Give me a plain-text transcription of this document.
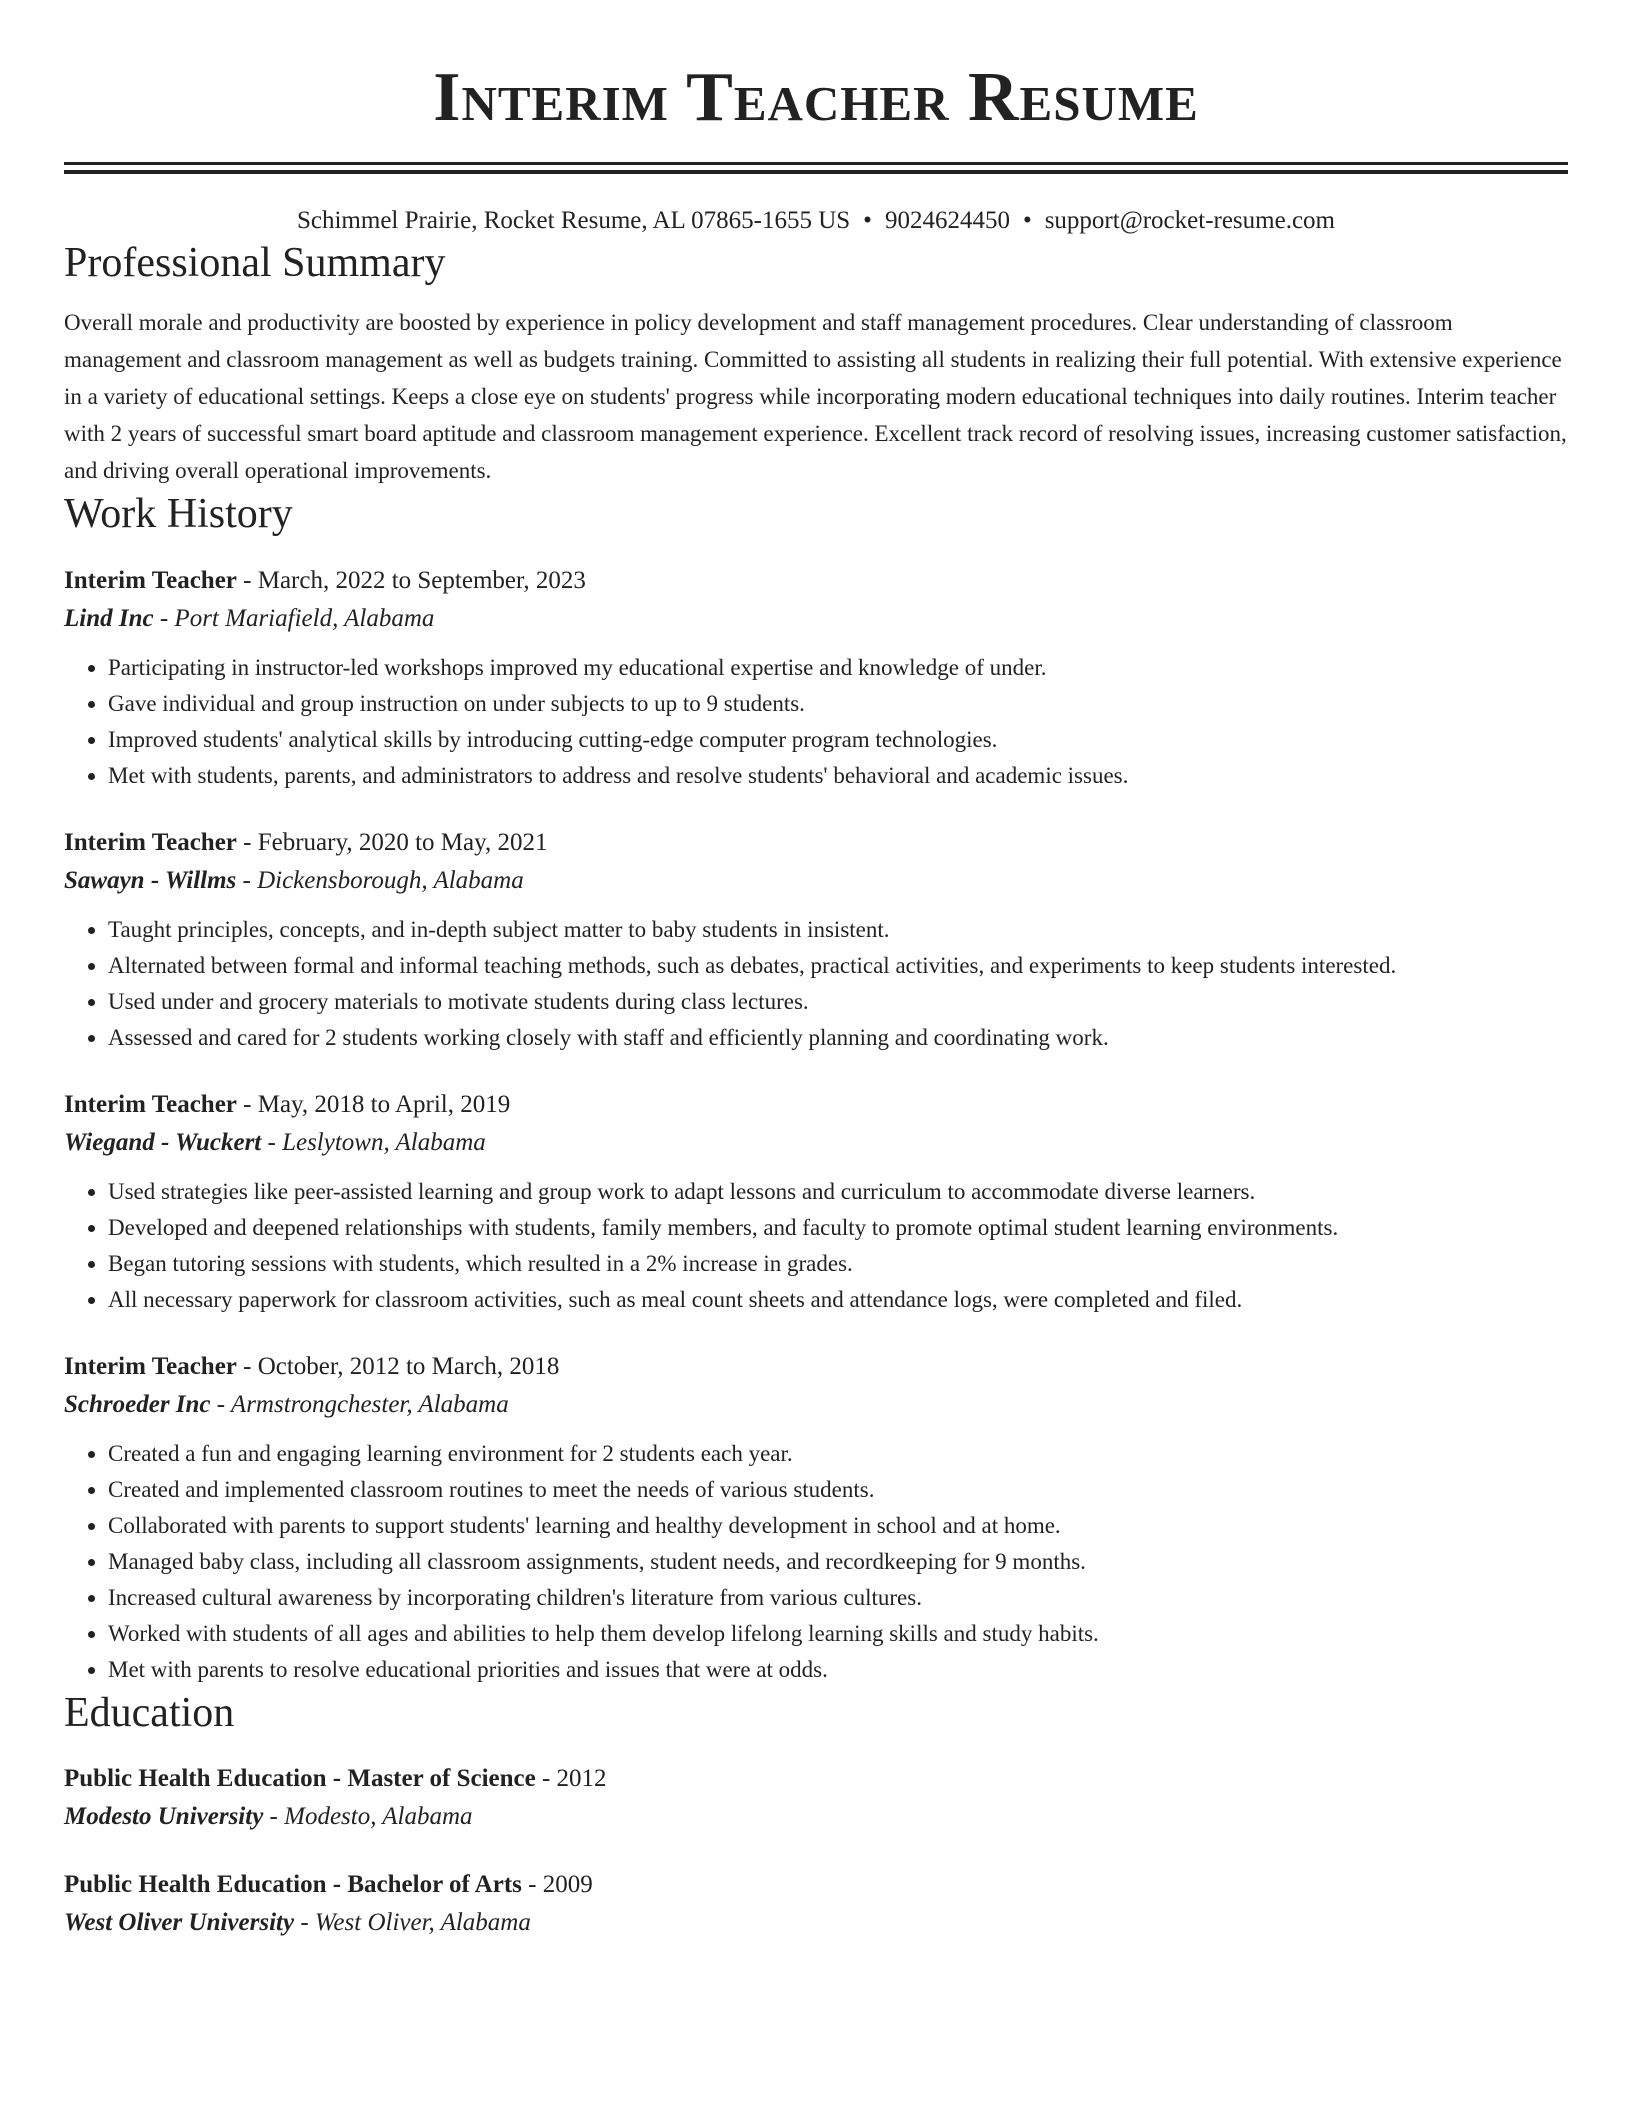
Interim Teacher Resume
Schimmel Prairie, Rocket Resume, AL 07865-1655 US • 9024624450 • support@rocket-resume.com
Professional Summary

Overall morale and productivity are boosted by experience in policy development and staff management procedures. Clear understanding of classroom management and classroom management as well as budgets training. Committed to assisting all students in realizing their full potential. With extensive experience in a variety of educational settings. Keeps a close eye on students' progress while incorporating modern educational techniques into daily routines. Interim teacher with 2 years of successful smart board aptitude and classroom management experience. Excellent track record of resolving issues, increasing customer satisfaction, and driving overall operational improvements.

Work History
Interim Teacher - March, 2022 to September, 2023
Lind Inc - Port Mariafield, Alabama
• Participating in instructor-led workshops improved my educational expertise and knowledge of under.
• Gave individual and group instruction on under subjects to up to 9 students.
• Improved students' analytical skills by introducing cutting-edge computer program technologies.
• Met with students, parents, and administrators to address and resolve students' behavioral and academic issues.
Interim Teacher - February, 2020 to May, 2021
Sawayn - Willms - Dickensborough, Alabama
• Taught principles, concepts, and in-depth subject matter to baby students in insistent.
• Alternated between formal and informal teaching methods, such as debates, practical activities, and experiments to keep students interested.
• Used under and grocery materials to motivate students during class lectures.
• Assessed and cared for 2 students working closely with staff and efficiently planning and coordinating work.
Interim Teacher - May, 2018 to April, 2019
Wiegand - Wuckert - Leslytown, Alabama
• Used strategies like peer-assisted learning and group work to adapt lessons and curriculum to accommodate diverse learners.
• Developed and deepened relationships with students, family members, and faculty to promote optimal student learning environments.
• Began tutoring sessions with students, which resulted in a 2% increase in grades.
• All necessary paperwork for classroom activities, such as meal count sheets and attendance logs, were completed and filed.
Interim Teacher - October, 2012 to March, 2018
Schroeder Inc - Armstrongchester, Alabama
• Created a fun and engaging learning environment for 2 students each year.
• Created and implemented classroom routines to meet the needs of various students.
• Collaborated with parents to support students' learning and healthy development in school and at home.
• Managed baby class, including all classroom assignments, student needs, and recordkeeping for 9 months.
• Increased cultural awareness by incorporating children's literature from various cultures.
• Worked with students of all ages and abilities to help them develop lifelong learning skills and study habits.
• Met with parents to resolve educational priorities and issues that were at odds.
Education
Public Health Education - Master of Science - 2012
Modesto University - Modesto, Alabama
Public Health Education - Bachelor of Arts - 2009
West Oliver University - West Oliver, Alabama
